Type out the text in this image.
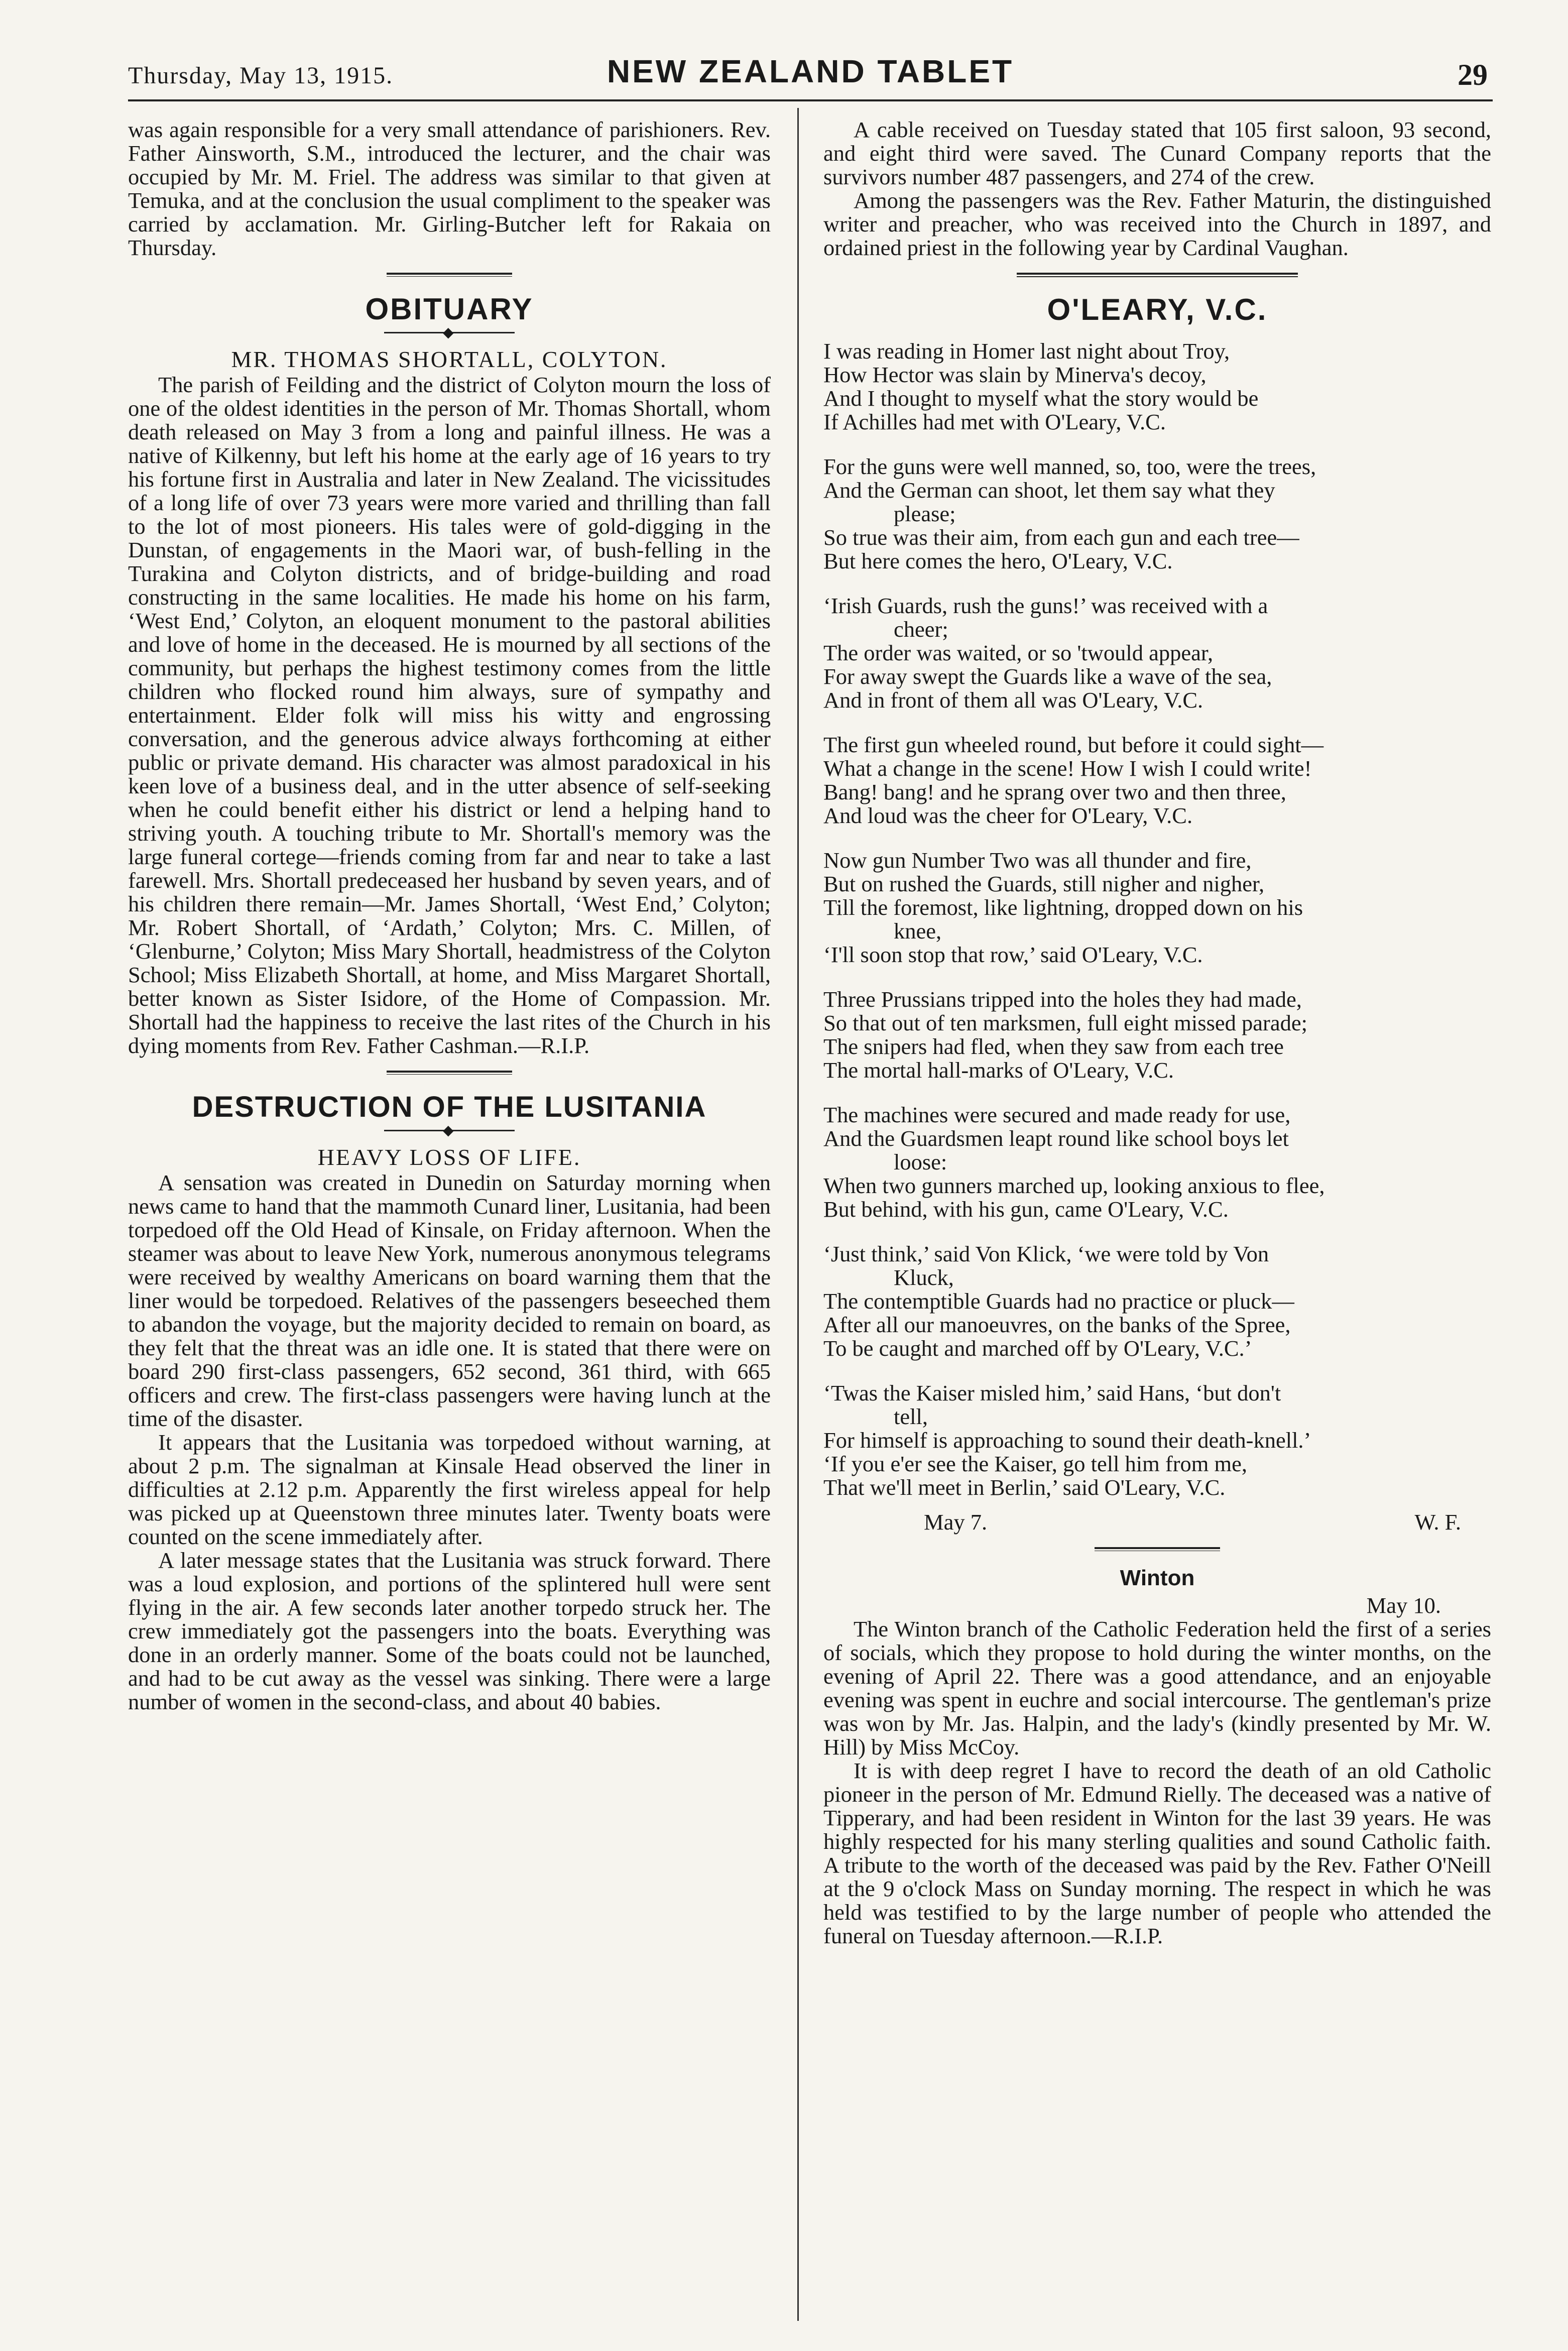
Thursday, May 13, 1915.	NEW ZEALAND TABLET	29

was again responsible for a very small attendance of parishioners. Rev. Father Ainsworth, S.M., introduced the lecturer, and the chair was occupied by Mr. M. Friel. The address was similar to that given at Temuka, and at the conclusion the usual compliment to the speaker was carried by acclamation. Mr. Girling-Butcher left for Rakaia on Thursday.

OBITUARY
◆
MR. THOMAS SHORTALL, COLYTON.

The parish of Feilding and the district of Colyton mourn the loss of one of the oldest identities in the person of Mr. Thomas Shortall, whom death released on May 3 from a long and painful illness. He was a native of Kilkenny, but left his home at the early age of 16 years to try his fortune first in Australia and later in New Zealand. The vicissitudes of a long life of over 73 years were more varied and thrilling than fall to the lot of most pioneers. His tales were of gold-digging in the Dunstan, of engagements in the Maori war, of bush-felling in the Turakina and Colyton districts, and of bridge-building and road constructing in the same localities. He made his home on his farm, ‘West End,’ Colyton, an eloquent monument to the pastoral abilities and love of home in the deceased. He is mourned by all sections of the community, but perhaps the highest testimony comes from the little children who flocked round him always, sure of sympathy and entertainment. Elder folk will miss his witty and engrossing conversation, and the generous advice always forthcoming at either public or private demand. His character was almost paradoxical in his keen love of a business deal, and in the utter absence of self-seeking when he could benefit either his district or lend a helping hand to striving youth. A touching tribute to Mr. Shortall's memory was the large funeral cortege—friends coming from far and near to take a last farewell. Mrs. Shortall predeceased her husband by seven years, and of his children there remain—Mr. James Shortall, ‘West End,’ Colyton; Mr. Robert Shortall, of ‘Ardath,’ Colyton; Mrs. C. Millen, of ‘Glenburne,’ Colyton; Miss Mary Shortall, headmistress of the Colyton School; Miss Elizabeth Shortall, at home, and Miss Margaret Shortall, better known as Sister Isidore, of the Home of Compassion. Mr. Shortall had the happiness to receive the last rites of the Church in his dying moments from Rev. Father Cashman.—R.I.P.

DESTRUCTION OF THE LUSITANIA
◆
HEAVY LOSS OF LIFE.

A sensation was created in Dunedin on Saturday morning when news came to hand that the mammoth Cunard liner, Lusitania, had been torpedoed off the Old Head of Kinsale, on Friday afternoon. When the steamer was about to leave New York, numerous anonymous telegrams were received by wealthy Americans on board warning them that the liner would be torpedoed. Relatives of the passengers beseeched them to abandon the voyage, but the majority decided to remain on board, as they felt that the threat was an idle one. It is stated that there were on board 290 first-class passengers, 652 second, 361 third, with 665 officers and crew. The first-class passengers were having lunch at the time of the disaster.

It appears that the Lusitania was torpedoed without warning, at about 2 p.m. The signalman at Kinsale Head observed the liner in difficulties at 2.12 p.m. Apparently the first wireless appeal for help was picked up at Queenstown three minutes later. Twenty boats were counted on the scene immediately after.

A later message states that the Lusitania was struck forward. There was a loud explosion, and portions of the splintered hull were sent flying in the air. A few seconds later another torpedo struck her. The crew immediately got the passengers into the boats. Everything was done in an orderly manner. Some of the boats could not be launched, and had to be cut away as the vessel was sinking. There were a large number of women in the second-class, and about 40 babies.

A cable received on Tuesday stated that 105 first saloon, 93 second, and eight third were saved. The Cunard Company reports that the survivors number 487 passengers, and 274 of the crew.

Among the passengers was the Rev. Father Maturin, the distinguished writer and preacher, who was received into the Church in 1897, and ordained priest in the following year by Cardinal Vaughan.

O'LEARY, V.C.
I was reading in Homer last night about Troy,
How Hector was slain by Minerva's decoy,
And I thought to myself what the story would be
If Achilles had met with O'Leary, V.C.
For the guns were well manned, so, too, were the trees,
And the German can shoot, let them say what they
please;
So true was their aim, from each gun and each tree—
But here comes the hero, O'Leary, V.C.
‘Irish Guards, rush the guns!’ was received with a
cheer;
The order was waited, or so 'twould appear,
For away swept the Guards like a wave of the sea,
And in front of them all was O'Leary, V.C.
The first gun wheeled round, but before it could sight—
What a change in the scene! How I wish I could write!
Bang! bang! and he sprang over two and then three,
And loud was the cheer for O'Leary, V.C.
Now gun Number Two was all thunder and fire,
But on rushed the Guards, still nigher and nigher,
Till the foremost, like lightning, dropped down on his
knee,
‘I'll soon stop that row,’ said O'Leary, V.C.
Three Prussians tripped into the holes they had made,
So that out of ten marksmen, full eight missed parade;
The snipers had fled, when they saw from each tree
The mortal hall-marks of O'Leary, V.C.
The machines were secured and made ready for use,
And the Guardsmen leapt round like school boys let
loose:
When two gunners marched up, looking anxious to flee,
But behind, with his gun, came O'Leary, V.C.
‘Just think,’ said Von Klick, ‘we were told by Von
Kluck,
The contemptible Guards had no practice or pluck—
After all our manoeuvres, on the banks of the Spree,
To be caught and marched off by O'Leary, V.C.’
‘Twas the Kaiser misled him,’ said Hans, ‘but don't
tell,
For himself is approaching to sound their death-knell.’
‘If you e'er see the Kaiser, go tell him from me,
That we'll meet in Berlin,’ said O'Leary, V.C.
May 7.	W. F.
Winton
May 10.

The Winton branch of the Catholic Federation held the first of a series of socials, which they propose to hold during the winter months, on the evening of April 22. There was a good attendance, and an enjoyable evening was spent in euchre and social intercourse. The gentleman's prize was won by Mr. Jas. Halpin, and the lady's (kindly presented by Mr. W. Hill) by Miss McCoy.

It is with deep regret I have to record the death of an old Catholic pioneer in the person of Mr. Edmund Rielly. The deceased was a native of Tipperary, and had been resident in Winton for the last 39 years. He was highly respected for his many sterling qualities and sound Catholic faith. A tribute to the worth of the deceased was paid by the Rev. Father O'Neill at the 9 o'clock Mass on Sunday morning. The respect in which he was held was testified to by the large number of people who attended the funeral on Tuesday afternoon.—R.I.P.
